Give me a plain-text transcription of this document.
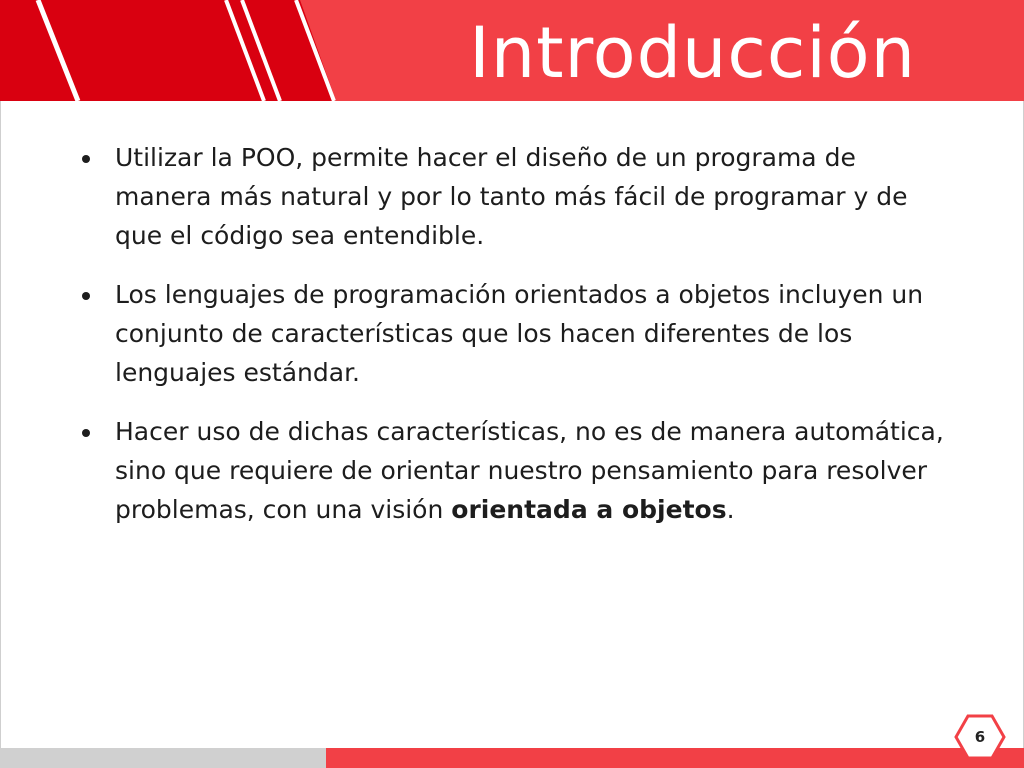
Introducción
Utilizar la POO, permite hacer el diseño de un programa de manera más natural y por lo tanto más fácil de programar y de que el código sea entendible.
Los lenguajes de programación orientados a objetos incluyen un conjunto de características que los hacen diferentes de los lenguajes estándar.
Hacer uso de dichas características, no es de manera automática, sino que requiere de orientar nuestro pensamiento para resolver problemas, con una visión orientada a objetos.
6
